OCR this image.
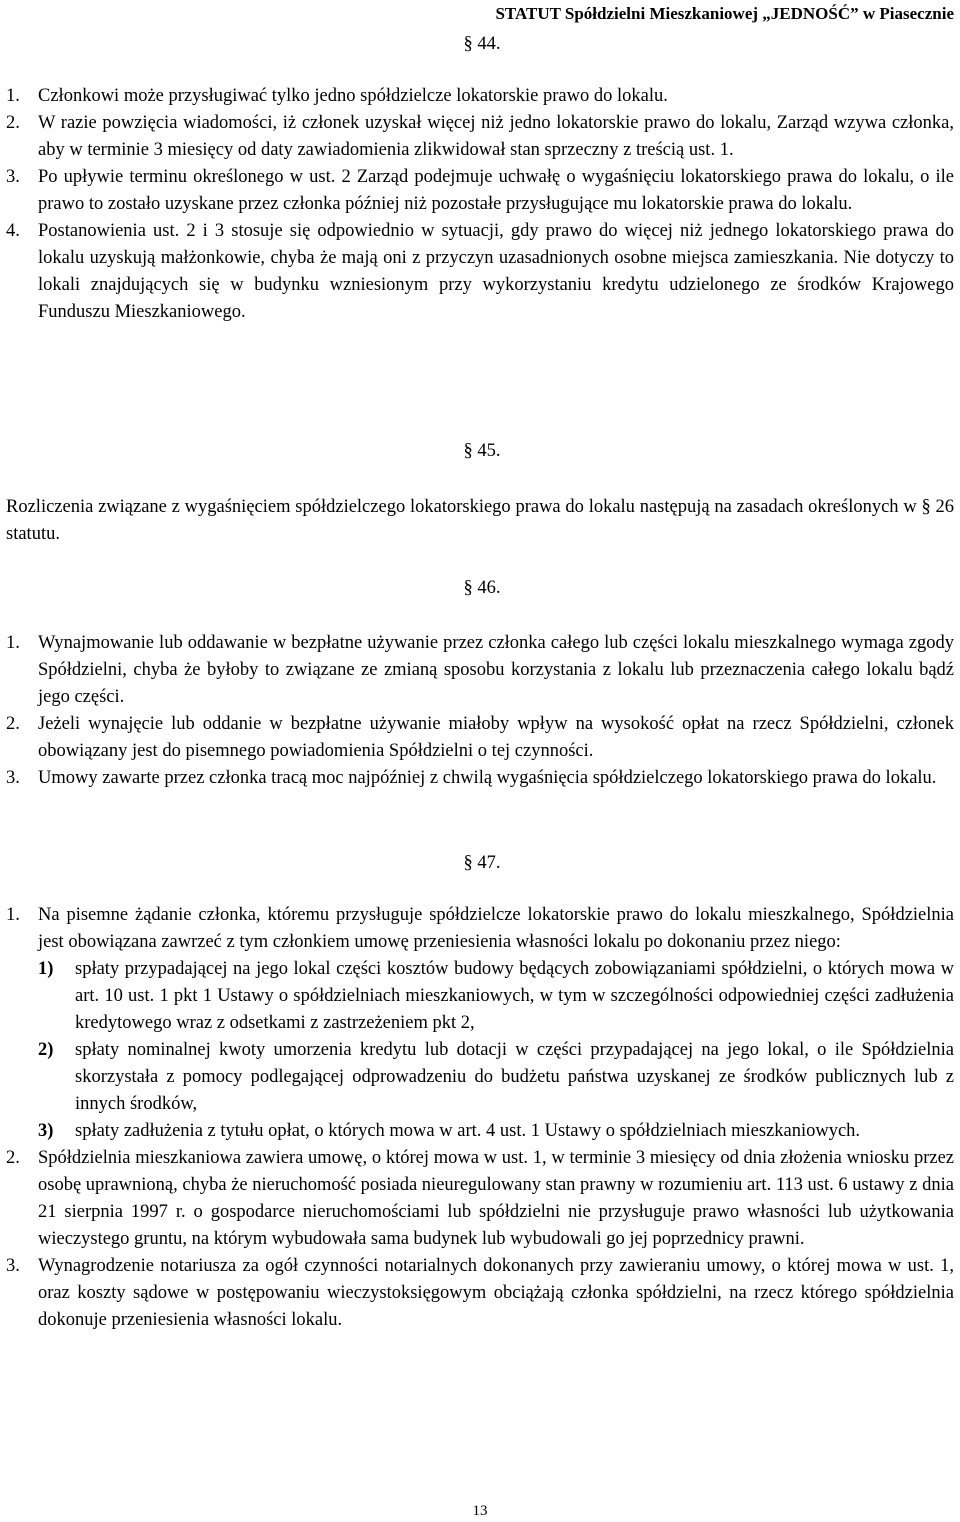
STATUT Spółdzielni Mieszkaniowej „JEDNOŚĆ” w Piasecznie
§ 44.
1. Członkowi może przysługiwać tylko jedno spółdzielcze lokatorskie prawo do lokalu.
2. W razie powzięcia wiadomości, iż członek uzyskał więcej niż jedno lokatorskie prawo do lokalu, Zarząd wzywa członka, aby w terminie 3 miesięcy od daty zawiadomienia zlikwidował stan sprzeczny z treścią ust. 1.
3. Po upływie terminu określonego w ust. 2 Zarząd podejmuje uchwałę o wygaśnięciu lokatorskiego prawa do lokalu, o ile prawo to zostało uzyskane przez członka później niż pozostałe przysługujące mu lokatorskie prawa do lokalu.
4. Postanowienia ust. 2 i 3 stosuje się odpowiednio w sytuacji, gdy prawo do więcej niż jednego lokatorskiego prawa do lokalu uzyskują małżonkowie, chyba że mają oni z przyczyn uzasadnionych osobne miejsca zamieszkania. Nie dotyczy to lokali znajdujących się w budynku wzniesionym przy wykorzystaniu kredytu udzielonego ze środków Krajowego Funduszu Mieszkaniowego.
§ 45.
Rozliczenia związane z wygaśnięciem spółdzielczego lokatorskiego prawa do lokalu następują na zasadach określonych w § 26 statutu.
§ 46.
1. Wynajmowanie lub oddawanie w bezpłatne używanie przez członka całego lub części lokalu mieszkalnego wymaga zgody Spółdzielni, chyba że byłoby to związane ze zmianą sposobu korzystania z lokalu lub przeznaczenia całego lokalu bądź jego części.
2. Jeżeli wynajęcie lub oddanie w bezpłatne używanie miałoby wpływ na wysokość opłat na rzecz Spółdzielni, członek obowiązany jest do pisemnego powiadomienia Spółdzielni o tej czynności.
3. Umowy zawarte przez członka tracą moc najpóźniej z chwilą wygaśnięcia spółdzielczego lokatorskiego prawa do lokalu.
§ 47.
1. Na pisemne żądanie członka, któremu przysługuje spółdzielcze lokatorskie prawo do lokalu mieszkalnego, Spółdzielnia jest obowiązana zawrzeć z tym członkiem umowę przeniesienia własności lokalu po dokonaniu przez niego:
1)	spłaty przypadającej na jego lokal części kosztów budowy będących zobowiązaniami spółdzielni, o których mowa w art. 10 ust. 1 pkt 1 Ustawy o spółdzielniach mieszkaniowych, w tym w szczególności odpowiedniej części zadłużenia kredytowego wraz z odsetkami z zastrzeżeniem pkt 2,
2)	spłaty nominalnej kwoty umorzenia kredytu lub dotacji w części przypadającej na jego lokal, o ile Spółdzielnia skorzystała z pomocy podlegającej odprowadzeniu do budżetu państwa uzyskanej ze środków publicznych lub z innych środków,
3)	spłaty zadłużenia z tytułu opłat, o których mowa w art. 4 ust. 1 Ustawy o spółdzielniach mieszkaniowych.
2. Spółdzielnia mieszkaniowa zawiera umowę, o której mowa w ust. 1, w terminie 3 miesięcy od dnia złożenia wniosku przez osobę uprawnioną, chyba że nieruchomość posiada nieuregulowany stan prawny w rozumieniu art. 113 ust. 6 ustawy z dnia 21 sierpnia 1997 r. o gospodarce nieruchomościami lub spółdzielni nie przysługuje prawo własności lub użytkowania wieczystego gruntu, na którym wybudowała sama budynek lub wybudowali go jej poprzednicy prawni.
3. Wynagrodzenie notariusza za ogół czynności notarialnych dokonanych przy zawieraniu umowy, o której mowa w ust. 1, oraz koszty sądowe w postępowaniu wieczystoksięgowym obciążają członka spółdzielni, na rzecz którego spółdzielnia dokonuje przeniesienia własności lokalu.
13
